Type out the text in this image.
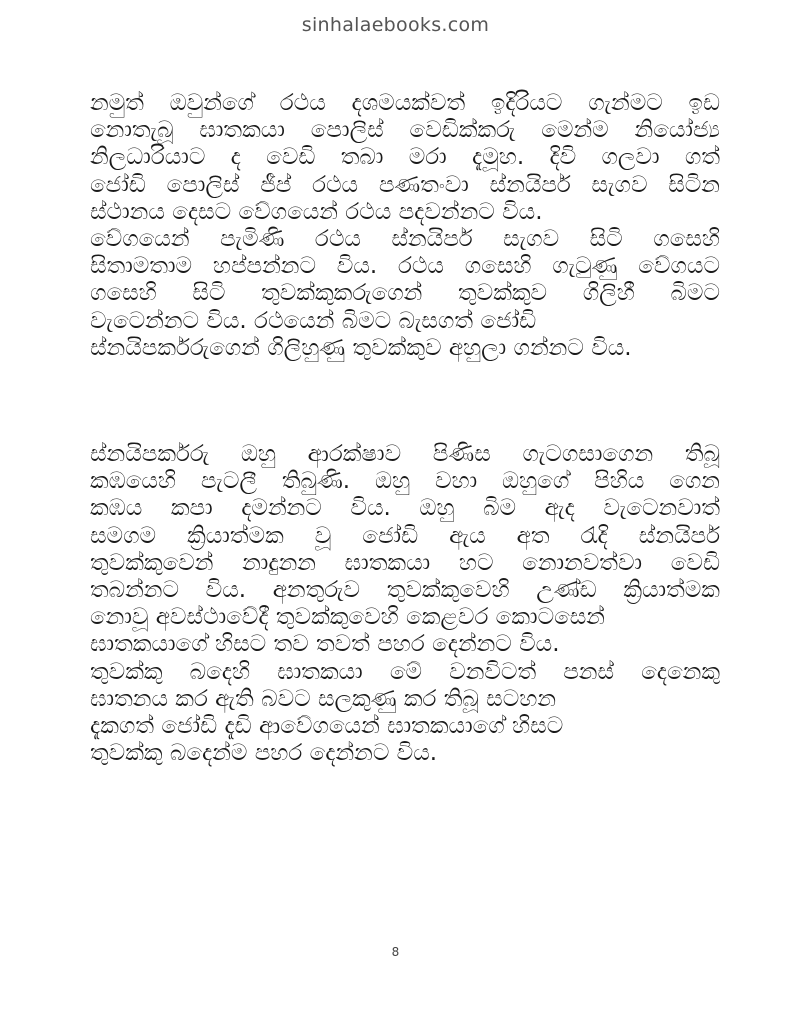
sinhalaebooks.com
නමුත් ඔවුන්ගේ රථය දශමයක්වත් ඉදිරියට ගැන්මට ඉඩ
නොතැබූ ඝාතකයා පොලිස් වෙඩික්කරු මෙන්ම නියෝජ්‍ය
නිලධාරියාට ද වෙඩි තබා මරා දැමූහ. දිවි ගලවා ගත්
ජෝඩි පොලිස් ජීප් රථය පණතංවා ස්නයිපර් සැගව සිටින
ස්ථානය දෙසට වේගයෙන් රථය පදවන්නට විය.
වේගයෙන් පැමිණි රථය ස්නයිපර් සැගව සිටි ගසෙහි
සිතාමතාම හප්පන්නට විය. රථය ගසෙහි ගැටුණු වේගයට
ගසෙහි සිටි තුවක්කුකරුගෙන් තුවක්කුව ගිලිහී බිමට
වැටෙන්නට විය. රථයෙන් බිමට බැසගත් ජෝඩි
ස්නයිපර්කරුගෙන් ගිලිහුණු තුවක්කුව අහුලා ගන්නට විය.
ස්නයිපර්කරු ඔහු ආරක්ෂාව පිණිස ගැටගසාගෙන තිබූ
කඹයෙහි පැටලී තිබුණි. ඔහු වහා ඔහුගේ පිහිය ගෙන
කඹය කපා දමන්නට විය. ඔහු බිම ඇද වැටෙනවාත්
සමගම ක්‍රියාත්මක වූ ජෝඩි ඇය අත රැදි ස්නයිපර්
තුවක්කුවෙන් නාදුනන ඝාතකයා හට නොනවත්වා වෙඩි
තබන්නට විය. අනතුරුව තුවක්කුවෙහි උණ්ඩ ක්‍රියාත්මක
නොවූ අවස්ථාවේදී තුවක්කුවෙහි කෙළවර කොටසෙන්
ඝාතකයාගේ හිසට තව තවත් පහර දෙන්නට විය.
තුවක්කු බදෙහි ඝාතකයා මේ වනවිටත් පනස් දෙනෙකු
ඝාතනය කර ඇති බවට සලකුණු කර තිබූ සටහන
දැකගත් ජෝඩි දැඩි ආවේගයෙන් ඝාතකයාගේ හිසට
තුවක්කු බදෙන්ම පහර දෙන්නට විය.
8
